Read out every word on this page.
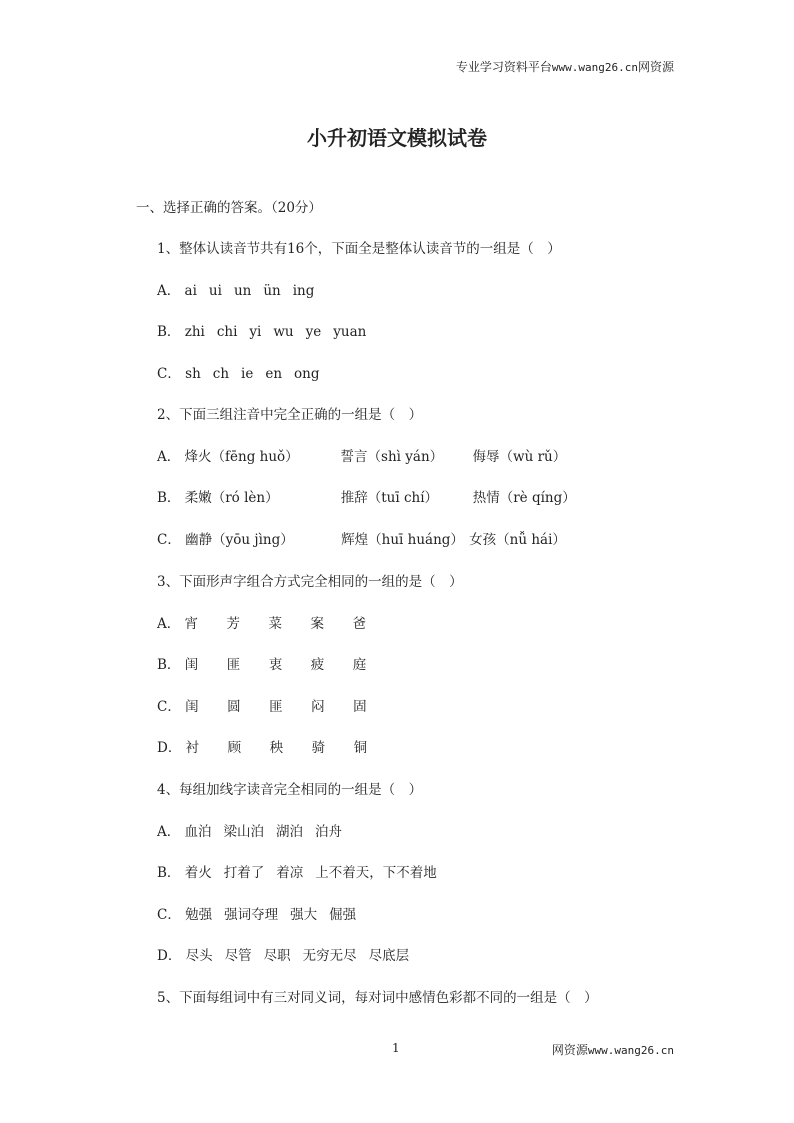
专业学习资料平台www.wang26.cn网资源
小升初语文模拟试卷
一、选择正确的答案。（20分）
1、整体认读音节共有16个，下面全是整体认读音节的一组是（　）
A． ai ui un ün ing
B． zhi chi yi wu ye yuan
C． sh ch ie en ong
2、下面三组注音中完全正确的一组是（　）
A． 烽火（fēng huǒ）	誓言（shì yán） 侮辱（wù rǔ）
B． 柔嫩（ró lèn）	推辞（tuī chí）	热情（rè qíng）
C． 幽静（yōu jìng）	辉煌（huī huáng） 女孩（nǚ hái）
3、下面形声字组合方式完全相同的一组的是（　）
A． 宵 芳 菜 案 爸
B． 闺 匪 衷 疲 庭
C． 闺 圆 匪 闷 固
D． 衬 顾 秧 骑 铜
4、每组加线字读音完全相同的一组是（　）
A． 血泊 梁山泊 湖泊 泊舟
B． 着火 打着了 着凉 上不着天，下不着地
C． 勉强 强词夺理 强大 倔强
D． 尽头 尽管 尽职 无穷无尽 尽底层
5、下面每组词中有三对同义词，每对词中感情色彩都不同的一组是（　）
1	网资源www.wang26.cn
